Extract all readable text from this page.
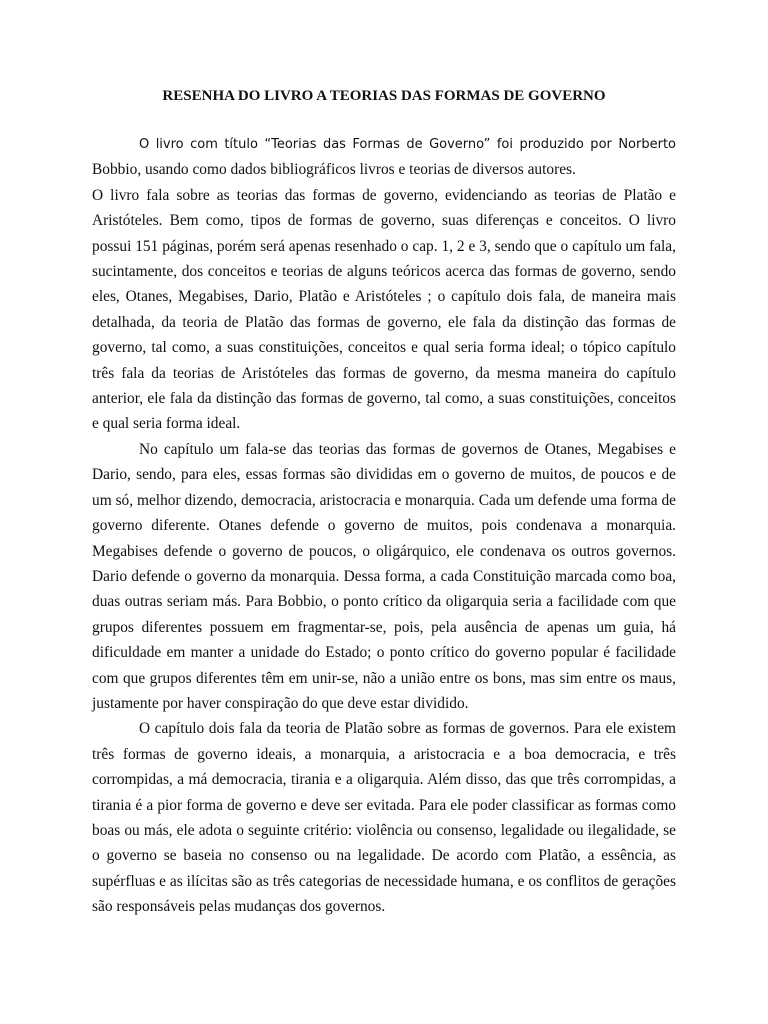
RESENHA DO LIVRO A TEORIAS DAS FORMAS DE GOVERNO

O livro com título “Teorias das Formas de Governo” foi produzido por Norberto

Bobbio, usando como dados bibliográficos livros e teorias de diversos autores.

O livro fala sobre as teorias das formas de governo, evidenciando as teorias de Platão e Aristóteles. Bem como, tipos de formas de governo, suas diferenças e conceitos. O livro possui 151 páginas, porém será apenas resenhado o cap. 1, 2 e 3, sendo que o capítulo um fala, sucintamente, dos conceitos e teorias de alguns teóricos acerca das formas de governo, sendo eles, Otanes, Megabises, Dario, Platão e Aristóteles ; o capítulo dois fala, de maneira mais detalhada, da teoria de Platão das formas de governo, ele fala da distinção das formas de governo, tal como, a suas constituições, conceitos e qual seria forma ideal; o tópico capítulo três fala da teorias de Aristóteles das formas de governo, da mesma maneira do capítulo anterior, ele fala da distinção das formas de governo, tal como, a suas constituições, conceitos e qual seria forma ideal.

No capítulo um fala-se das teorias das formas de governos de Otanes, Megabises e Dario, sendo, para eles, essas formas são divididas em o governo de muitos, de poucos e de um só, melhor dizendo, democracia, aristocracia e monarquia. Cada um defende uma forma de governo diferente. Otanes defende o governo de muitos, pois condenava a monarquia. Megabises defende o governo de poucos, o oligárquico, ele condenava os outros governos. Dario defende o governo da monarquia. Dessa forma, a cada Constituição marcada como boa, duas outras seriam más. Para Bobbio, o ponto crítico da oligarquia seria a facilidade com que grupos diferentes possuem em fragmentar-se, pois, pela ausência de apenas um guia, há dificuldade em manter a unidade do Estado; o ponto crítico do governo popular é facilidade com que grupos diferentes têm em unir-se, não a união entre os bons, mas sim entre os maus, justamente por haver conspiração do que deve estar dividido.

O capítulo dois fala da teoria de Platão sobre as formas de governos. Para ele existem três formas de governo ideais, a monarquia, a aristocracia e a boa democracia, e três corrompidas, a má democracia, tirania e a oligarquia. Além disso, das que três corrompidas, a tirania é a pior forma de governo e deve ser evitada. Para ele poder classificar as formas como boas ou más, ele adota o seguinte critério: violência ou consenso, legalidade ou ilegalidade, se o governo se baseia no consenso ou na legalidade. De acordo com Platão, a essência, as supérfluas e as ilícitas são as três categorias de necessidade humana, e os conflitos de gerações são responsáveis pelas mudanças dos governos.
